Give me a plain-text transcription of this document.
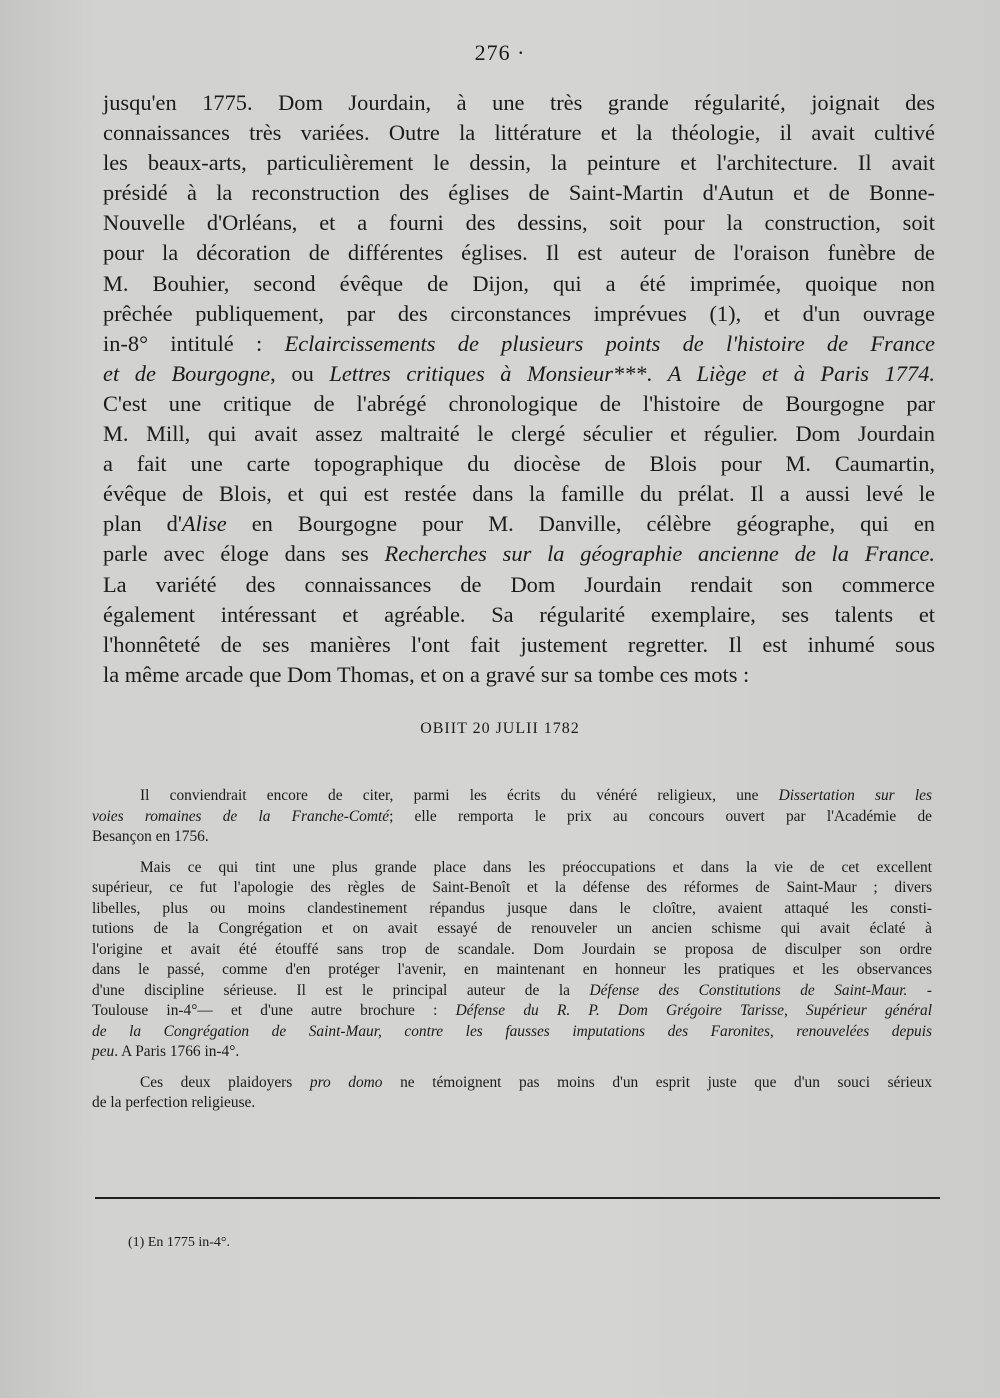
276 ·
jusqu'en 1775. Dom Jourdain, à une très grande régularité, joignait des
connaissances très variées. Outre la littérature et la théologie, il avait cultivé
les beaux-arts, particulièrement le dessin, la peinture et l'architecture. Il avait
présidé à la reconstruction des églises de Saint-Martin d'Autun et de Bonne-
Nouvelle d'Orléans, et a fourni des dessins, soit pour la construction, soit
pour la décoration de différentes églises. Il est auteur de l'oraison funèbre de
M. Bouhier, second évêque de Dijon, qui a été imprimée, quoique non
prêchée publiquement, par des circonstances imprévues (1), et d'un ouvrage
in-8° intitulé : Eclaircissements de plusieurs points de l'histoire de France
et de Bourgogne, ou Lettres critiques à Monsieur***. A Liège et à Paris 1774.
C'est une critique de l'abrégé chronologique de l'histoire de Bourgogne par
M. Mill, qui avait assez maltraité le clergé séculier et régulier. Dom Jourdain
a fait une carte topographique du diocèse de Blois pour M. Caumartin,
évêque de Blois, et qui est restée dans la famille du prélat. Il a aussi levé le
plan d'Alise en Bourgogne pour M. Danville, célèbre géographe, qui en
parle avec éloge dans ses Recherches sur la géographie ancienne de la France.
La variété des connaissances de Dom Jourdain rendait son commerce
également intéressant et agréable. Sa régularité exemplaire, ses talents et
l'honnêteté de ses manières l'ont fait justement regretter. Il est inhumé sous
la même arcade que Dom Thomas, et on a gravé sur sa tombe ces mots :
OBIIT 20 JULII 1782

Il conviendrait encore de citer, parmi les écrits du vénéré religieux, une Dissertation sur les
voies romaines de la Franche-Comté; elle remporta le prix au concours ouvert par l'Académie de
Besançon en 1756.

Mais ce qui tint une plus grande place dans les préoccupations et dans la vie de cet excellent
supérieur, ce fut l'apologie des règles de Saint-Benoît et la défense des réformes de Saint-Maur ; divers
libelles, plus ou moins clandestinement répandus jusque dans le cloître, avaient attaqué les consti-
tutions de la Congrégation et on avait essayé de renouveler un ancien schisme qui avait éclaté à
l'origine et avait été étouffé sans trop de scandale. Dom Jourdain se proposa de disculper son ordre
dans le passé, comme d'en protéger l'avenir, en maintenant en honneur les pratiques et les observances
d'une discipline sérieuse. Il est le principal auteur de la Défense des Constitutions de Saint-Maur. -
Toulouse in-4°— et d'une autre brochure : Défense du R. P. Dom Grégoire Tarisse, Supérieur général
de la Congrégation de Saint-Maur, contre les fausses imputations des Faronites, renouvelées depuis
peu. A Paris 1766 in-4°.

Ces deux plaidoyers pro domo ne témoignent pas moins d'un esprit juste que d'un souci sérieux
de la perfection religieuse.

(1) En 1775 in-4°.
